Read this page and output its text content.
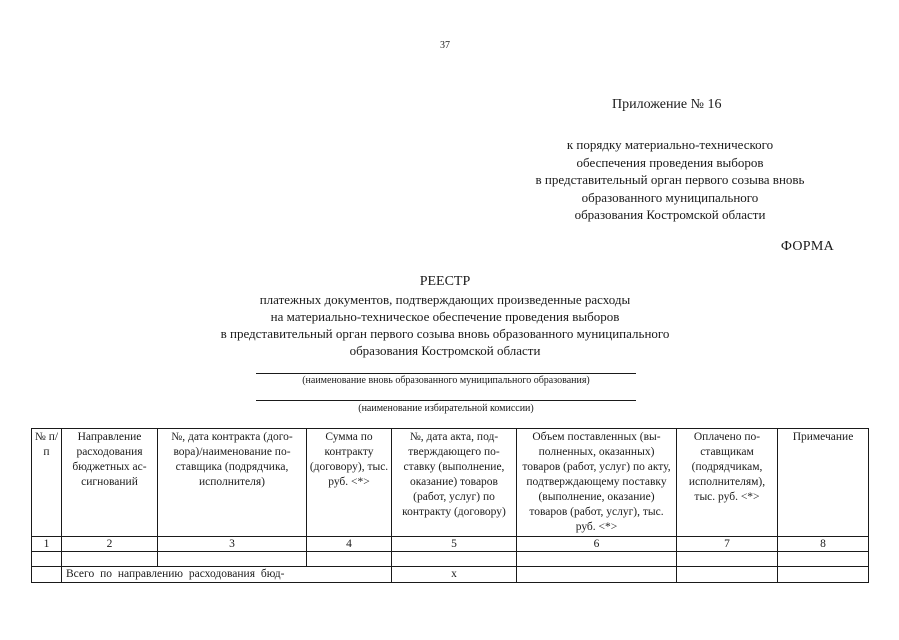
37
Приложение № 16
к порядку материально-технического
обеспечения проведения выборов
в представительный орган первого созыва вновь
образованного муниципального
образования Костромской области
ФОРМА
РЕЕСТР
платежных документов, подтверждающих произведенные расходы
на материально-техническое обеспечение проведения выборов
в представительный орган первого созыва вновь образованного муниципального
образования Костромской области
(наименование вновь образованного муниципального образования)
(наименование избирательной комиссии)
№ п/п	Направление расходования бюджетных ас- сигнований	№, дата контракта (дого- вора)/наименование по- ставщика (подрядчика, исполнителя)	Сумма по контракту (договору), тыс. руб. <*>	№, дата акта, под- тверждающего по- ставку (выполнение, оказание) товаров (работ, услуг) по контракту (договору)	Объем поставленных (вы- полненных, оказанных) товаров (работ, услуг) по акту, подтверждающему поставку (выполнение, оказание) товаров (работ, услуг), тыс. руб. <*>	Оплачено по- ставщикам (подрядчикам, исполнителям), тыс. руб. <*>	Примечание
1	2	3	4	5	6	7	8

	Всего по направлению расходования бюд-			х			
